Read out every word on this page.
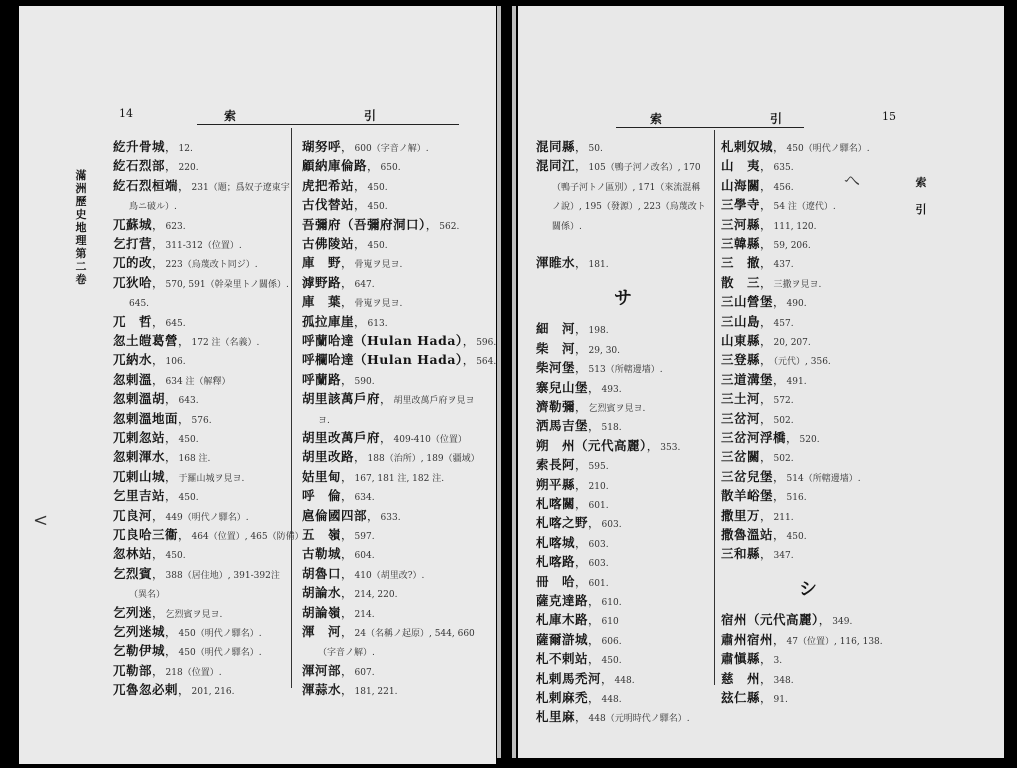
14	索	引
滿洲歷史地理第二卷
紇升骨城， 12.
紇石烈部， 220.
紇石烈桓端， 231（題；爲奴子遼東宇
鳥ニ破ル）.
兀蘇城， 623.
乞打营， 311-312（位置）.
兀的改， 223（烏蔑改ト同ジ）.
兀狄哈， 570, 591（幹朶里トノ關係）.
645.
兀　哲， 645.
忽土皚葛營， 172 注（名義）.
兀納水， 106.
忽剌溫， 634 注（解釋）
忽剌溫胡， 643.
忽剌溫地面， 576.
兀剌忽站， 450.
忽剌渾水， 168 注.
兀剌山城， 于羅山城ヲ見ヨ.
乞里吉站， 450.
兀良河， 449（明代ノ驛名）.
兀良哈三衞， 464（位置）, 465（防備）.
忽林站， 450.
乞烈賓， 388（居住地）, 391-392注
（異名）
乞列迷， 乞烈賓ヲ見ヨ.
乞列迷城， 450（明代ノ驛名）.
乞勒伊城， 450（明代ノ驛名）.
兀勒部， 218（位置）.
兀魯忽必剌， 201, 216.
瑚努呼， 600（字音ノ解）.
顧納庫倫路， 650.
虎把希站， 450.
古伐替站， 450.
吾彌府（吾彌府洞口）， 562.
古佛陵站， 450.
庫　野， 骨嵬ヲ見ヨ.
滹野路， 647.
庫　葉， 骨嵬ヲ見ヨ.
孤拉庫崖， 613.
呼蘭哈達（Hulan Hada）， 596.
呼欄哈達（Hulan Hada）， 564.
呼蘭路， 590.
胡里該萬戶府， 胡里改萬戶府ヲ見ヨ
ヨ.
胡里改萬戶府， 409-410（位置）
胡里改路， 188（治所）, 189（疆域）
姑里甸， 167, 181 注, 182 注.
呼　倫， 634.
扈倫國四部， 633.
五　嶺， 597.
古勒城， 604.
胡魯口， 410（胡里改?）.
胡論水， 214, 220.
胡論嶺， 214.
渾　河， 24（名稱ノ起原）, 544, 660
（字音ノ解）.
渾河部， 607.
渾蒜水， 181, 221.
<
索	引	15
索
引
混同縣， 50.
混同江， 105（鴨子河ノ改名）, 170
（鴨子河トノ區別）, 171（來流混稱
ノ說）, 195（發源）, 223（烏蔑改ト
關係）.
渾睢水， 181.
サ
細　河， 198.
柴　河， 29, 30.
柴河堡， 513（所轄邊墻）.
寨兒山堡， 493.
濟勒彌， 乞烈賓ヲ見ヨ.
洒馬吉堡， 518.
朔　州（元代高麗）， 353.
索長阿， 595.
朔平縣， 210.
札喀關， 601.
札喀之野， 603.
札喀城， 603.
札喀路， 603.
冊　哈， 601.
薩克達路， 610.
札庫木路， 610
薩爾滸城， 606.
札不剌站， 450.
札剌馬禿河， 448.
札剌麻禿， 448.
札里麻， 448（元明時代ノ驛名）.
札剌奴城， 450（明代ノ驛名）.
山　夷， 635.
山海關， 456.
三學寺， 54 注（遼代）.
三河縣， 111, 120.
三韓縣， 59, 206.
三　撤， 437.
散　三， 三撒ヲ見ヨ.
三山營堡， 490.
三山島， 457.
山東縣， 20, 207.
三登縣， （元代）, 356.
三道溝堡， 491.
三土河， 572.
三岔河， 502.
三岔河浮橋， 520.
三岔關， 502.
三岔兒堡， 514（所轄邊墻）.
散羊峪堡， 516.
撒里万， 211.
撒魯溫站， 450.
三和縣， 347.
シ
宿州（元代高麗）， 349.
肅州宿州， 47（位置）, 116, 138.
肅愼縣， 3.
慈　州， 348.
玆仁縣， 91.
へ
